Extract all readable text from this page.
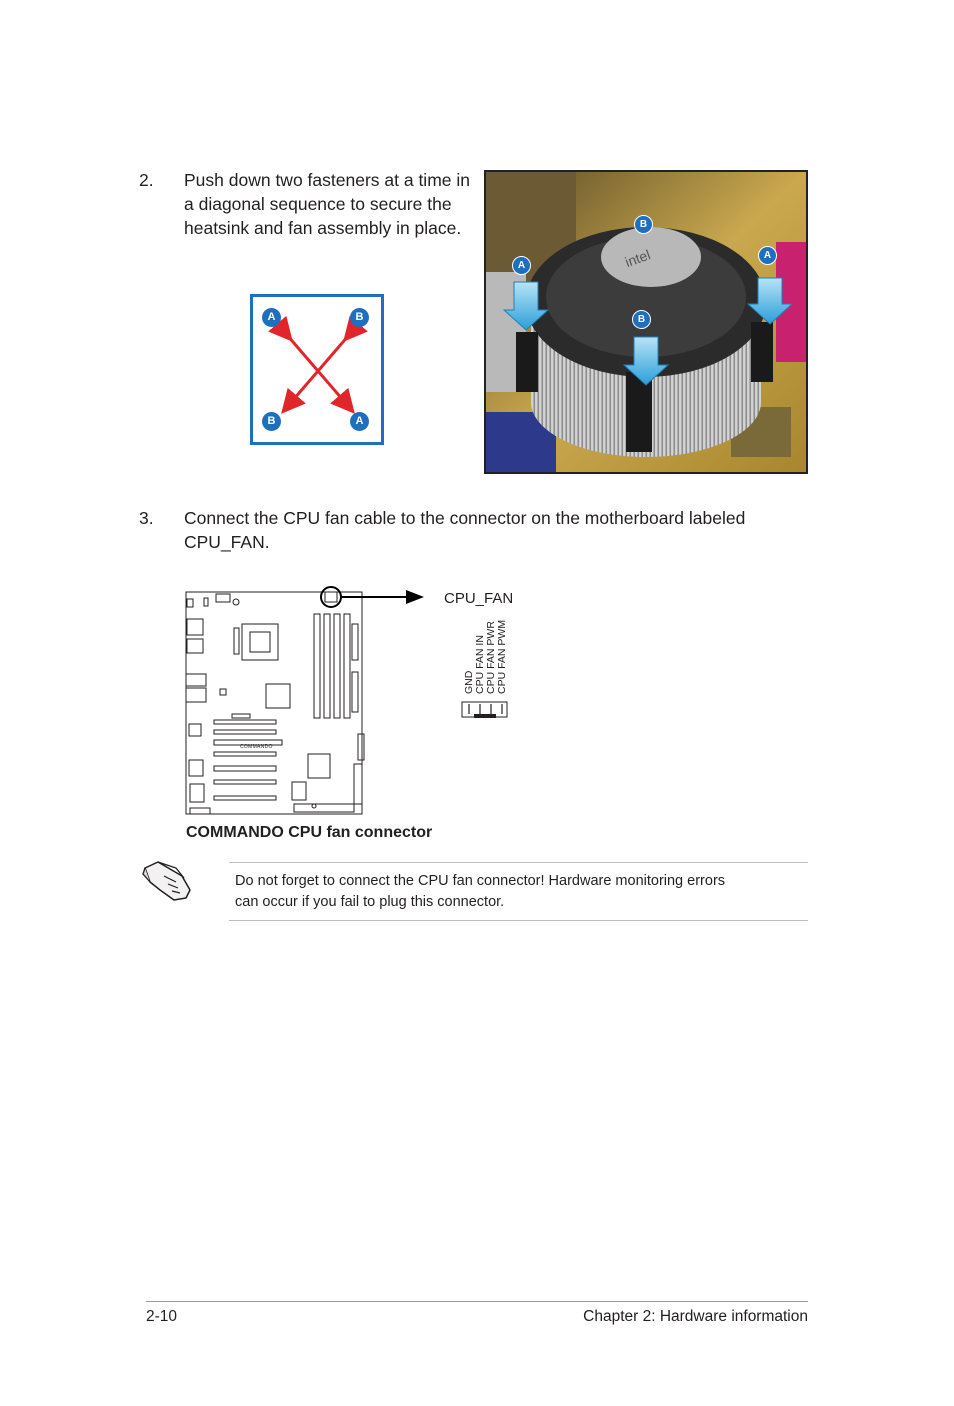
2. Push down two fasteners at a time in
a diagonal sequence to secure the
heatsink and fan assembly in place.
A	B
B	A
intel
A
B
A
B
3. Connect the CPU fan cable to the connector on the motherboard labeled
CPU_FAN.
COMMANDO
CPU_FAN
GND CPU FAN IN CPU FAN PWR CPU FAN PWM
COMMANDO CPU fan connector
Do not forget to connect the CPU fan connector! Hardware monitoring errors
can occur if you fail to plug this connector.
2-10	Chapter 2: Hardware information
